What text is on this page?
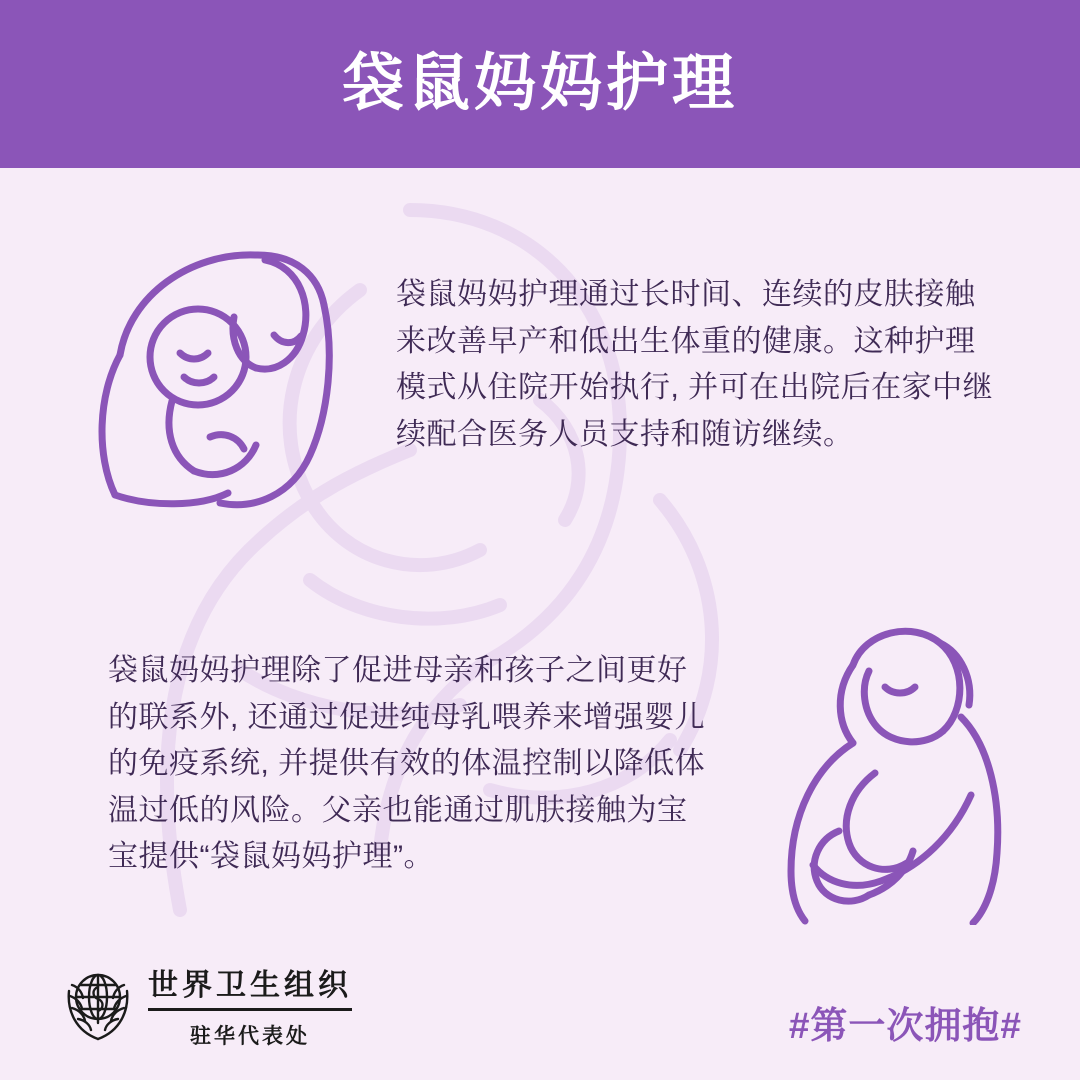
袋鼠妈妈护理
袋鼠妈妈护理通过长时间、连续的皮肤接触来改善早产和低出生体重的健康。这种护理模式从住院开始执行, 并可在出院后在家中继续配合医务人员支持和随访继续。
袋鼠妈妈护理除了促进母亲和孩子之间更好的联系外, 还通过促进纯母乳喂养来增强婴儿的免疫系统, 并提供有效的体温控制以降低体温过低的风险。父亲也能通过肌肤接触为宝宝提供“袋鼠妈妈护理”。
世界卫生组织
驻华代表处	#第一次拥抱#
